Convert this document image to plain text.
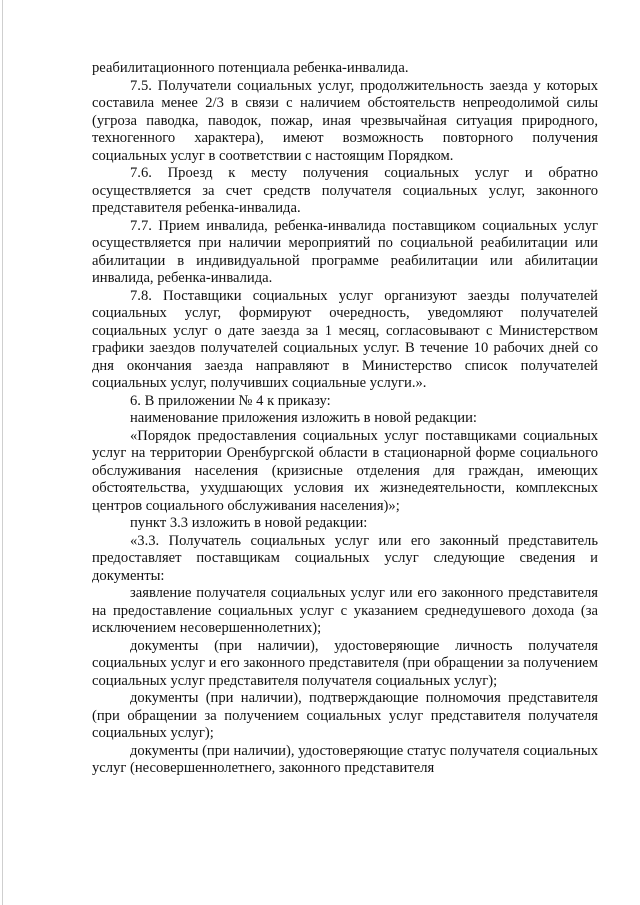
реабилитационного потенциала ребенка-инвалида.

7.5. Получатели социальных услуг, продолжительность заезда у которых составила менее 2/3 в связи с наличием обстоятельств непреодолимой силы (угроза паводка, паводок, пожар, иная чрезвычайная ситуация природного, техногенного характера), имеют возможность повторного получения социальных услуг в соответствии с настоящим Порядком.

7.6. Проезд к месту получения социальных услуг и обратно осуществляется за счет средств получателя социальных услуг, законного представителя ребенка-инвалида.

7.7. Прием инвалида, ребенка-инвалида поставщиком социальных услуг осуществляется при наличии мероприятий по социальной реабилитации или абилитации в индивидуальной программе реабилитации или абилитации инвалида, ребенка-инвалида.

7.8. Поставщики социальных услуг организуют заезды получателей социальных услуг, формируют очередность, уведомляют получателей социальных услуг о дате заезда за 1 месяц, согласовывают с Министерством графики заездов получателей социальных услуг. В течение 10 рабочих дней со дня окончания заезда направляют в Министерство список получателей социальных услуг, получивших социальные услуги.».

6. В приложении № 4 к приказу:

наименование приложения изложить в новой редакции:

«Порядок предоставления социальных услуг поставщиками социальных услуг на территории Оренбургской области в стационарной форме социального обслуживания населения (кризисные отделения для граждан, имеющих обстоятельства, ухудшающих условия их жизнедеятельности, комплексных центров социального обслуживания населения)»;

пункт 3.3 изложить в новой редакции:

«3.3. Получатель социальных услуг или его законный представитель предоставляет поставщикам социальных услуг следующие сведения и документы:

заявление получателя социальных услуг или его законного представителя на предоставление социальных услуг с указанием среднедушевого дохода (за исключением несовершеннолетних);

документы (при наличии), удостоверяющие личность получателя социальных услуг и его законного представителя (при обращении за получением социальных услуг представителя получателя социальных услуг);

документы (при наличии), подтверждающие полномочия представителя (при обращении за получением социальных услуг представителя получателя социальных услуг);

документы (при наличии), удостоверяющие статус получателя социальных услуг (несовершеннолетнего, законного представителя
